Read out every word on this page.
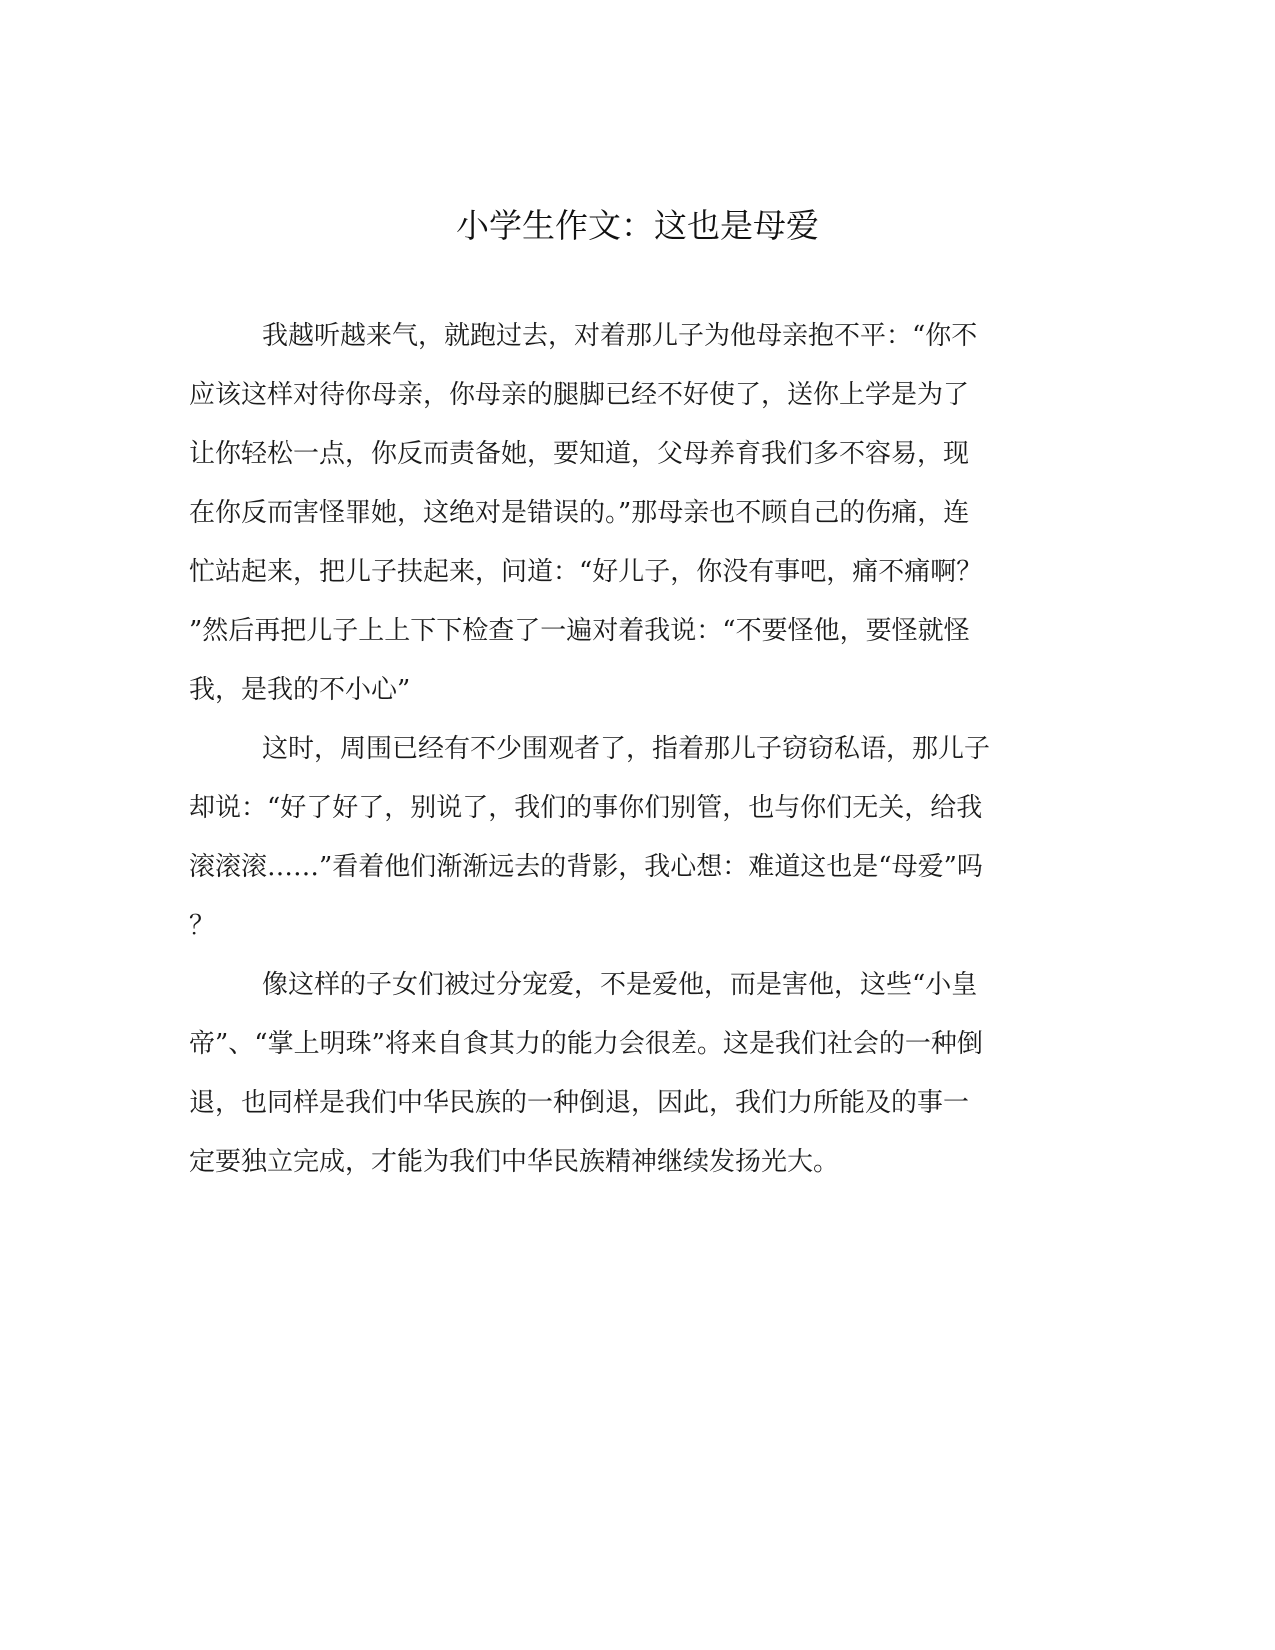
小学生作文：这也是母爱
我越听越来气，就跑过去，对着那儿子为他母亲抱不平：“你不
应该这样对待你母亲，你母亲的腿脚已经不好使了，送你上学是为了
让你轻松一点，你反而责备她，要知道，父母养育我们多不容易，现
在你反而害怪罪她，这绝对是错误的。”那母亲也不顾自己的伤痛，连
忙站起来，把儿子扶起来，问道：“好儿子，你没有事吧，痛不痛啊？
”然后再把儿子上上下下检查了一遍对着我说：“不要怪他，要怪就怪
我，是我的不小心”
这时，周围已经有不少围观者了，指着那儿子窃窃私语，那儿子
却说：“好了好了，别说了，我们的事你们别管，也与你们无关，给我
滚滚滚……”看着他们渐渐远去的背影，我心想：难道这也是“母爱”吗
？
像这样的子女们被过分宠爱，不是爱他，而是害他，这些“小皇
帝”、“掌上明珠”将来自食其力的能力会很差。这是我们社会的一种倒
退，也同样是我们中华民族的一种倒退，因此，我们力所能及的事一
定要独立完成，才能为我们中华民族精神继续发扬光大。
